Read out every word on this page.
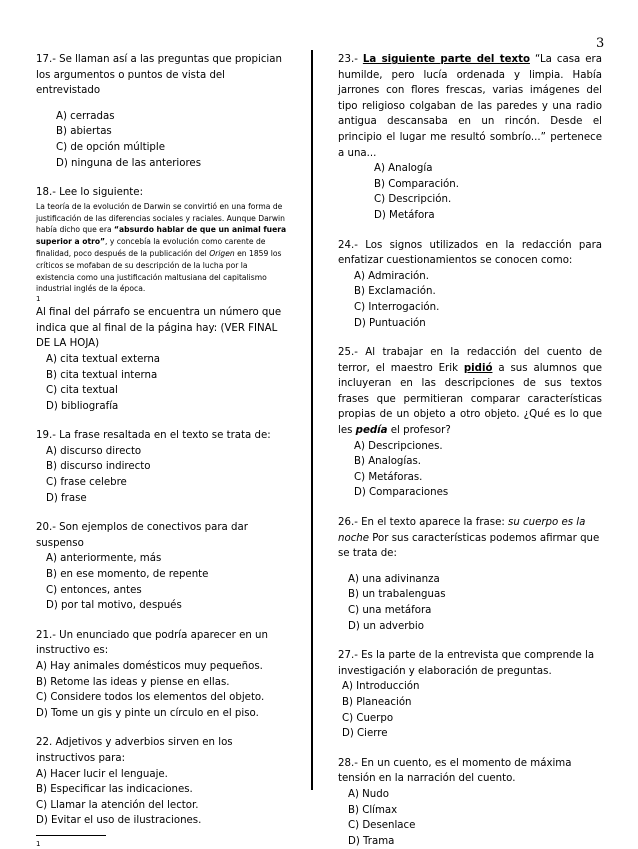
3

17.- Se llaman así a las preguntas que propician los argumentos o puntos de vista del entrevistado

A) cerradas

B) abiertas

C) de opción múltiple

D) ninguna de las anteriores

18.- Lee lo siguiente:

La teoría de la evolución de Darwin se convirtió en una forma de justificación de las diferencias sociales y raciales. Aunque Darwin había dicho que era “absurdo hablar de que un animal fuera superior a otro”, y concebía la evolución como carente de finalidad, poco después de la publicación del Origen en 1859 los críticos se mofaban de su descripción de la lucha por la existencia como una justificación maltusiana del capitalismo industrial inglés de la época.

1

Al final del párrafo se encuentra un número que indica que al final de la página hay: (VER FINAL DE LA HOJA)

A) cita textual externa

B) cita textual interna

C) cita textual

D) bibliografía

19.- La frase resaltada en el texto se trata de:

A) discurso directo

B) discurso indirecto

C) frase celebre

D) frase

20.- Son ejemplos de conectivos para dar suspenso

A) anteriormente, más

B) en ese momento, de repente

C) entonces, antes

D) por tal motivo, después

21.- Un enunciado que podría aparecer en un instructivo es:

A) Hay animales domésticos muy pequeños.

B) Retome las ideas y piense en ellas.

C) Considere todos los elementos del objeto.

D) Tome un gis y pinte un círculo en el piso.

22. Adjetivos y adverbios sirven en los instructivos para:

A) Hacer lucir el lenguaje.

B) Especificar las indicaciones.

C) Llamar la atención del lector.

D) Evitar el uso de ilustraciones.

1

23.- La siguiente parte del texto “La casa era humilde, pero lucía ordenada y limpia. Había jarrones con flores frescas, varias imágenes del tipo religioso colgaban de las paredes y una radio antigua descansaba en un rincón. Desde el principio el lugar me resultó sombrío...” pertenece a una...

A) Analogía

B) Comparación.

C) Descripción.

D) Metáfora

24.- Los signos utilizados en la redacción para enfatizar cuestionamientos se conocen como:

A) Admiración.

B) Exclamación.

C) Interrogación.

D) Puntuación

25.- Al trabajar en la redacción del cuento de terror, el maestro Erik pidió a sus alumnos que incluyeran en las descripciones de sus textos frases que permitieran comparar características propias de un objeto a otro objeto. ¿Qué es lo que les pedía el profesor?

A) Descripciones.

B) Analogías.

C) Metáforas.

D) Comparaciones

26.- En el texto aparece la frase: su cuerpo es la noche Por sus características podemos afirmar que se trata de:

A) una adivinanza

B) un trabalenguas

C) una metáfora

D) un adverbio

27.- Es la parte de la entrevista que comprende la investigación y elaboración de preguntas.

A) Introducción

B) Planeación

C) Cuerpo

D) Cierre

28.- En un cuento, es el momento de máxima tensión en la narración del cuento.

A) Nudo

B) Clímax

C) Desenlace

D) Trama
